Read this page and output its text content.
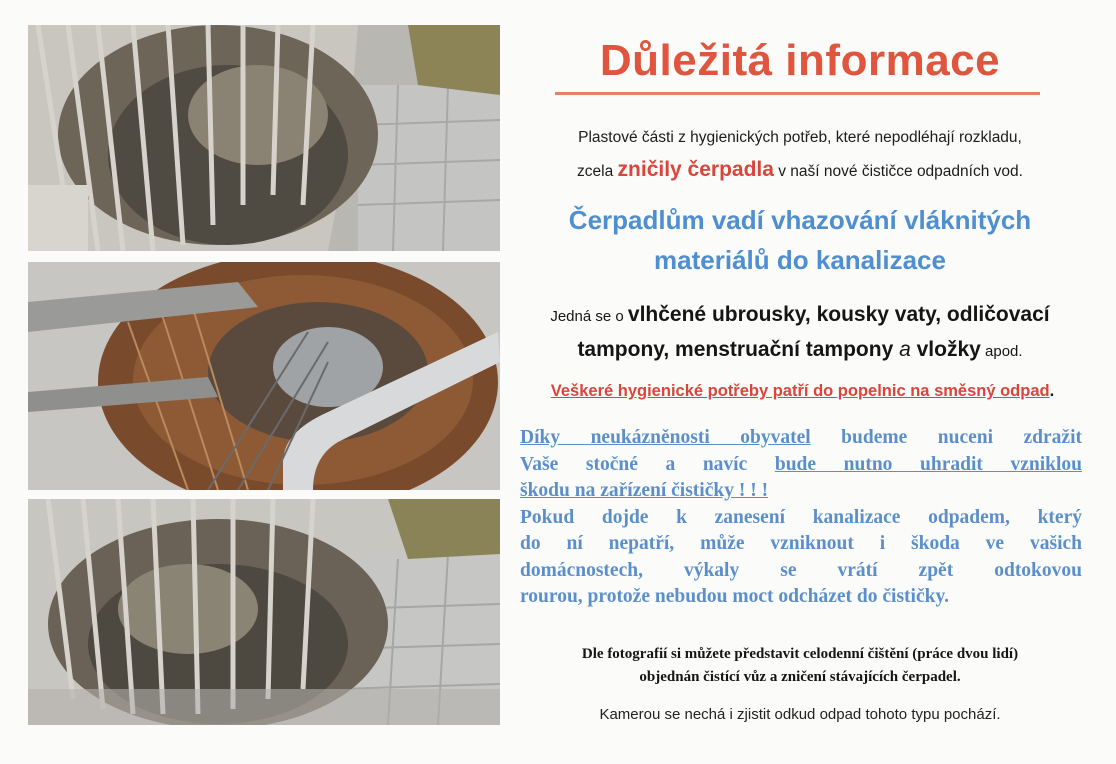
Důležitá informace
Plastové části z hygienických potřeb, které nepodléhají rozkladu,
zcela zničily čerpadla v naší nové čističce odpadních vod.
Čerpadlům vadí vhazování vláknitých
materiálů do kanalizace
Jedná se o vlhčené ubrousky, kousky vaty, odličovací
tampony, menstruační tampony a vložky apod.
Veškeré hygienické potřeby patří do popelnic na směsný odpad.
Díky neukázněnosti obyvatel budeme nuceni zdražit
Vaše stočné a navíc bude nutno uhradit vzniklou
škodu na zařízení čističky ! ! !
Pokud dojde k zanesení kanalizace odpadem, který
do ní nepatří, může vzniknout i škoda ve vašich
domácnostech, výkaly se vrátí zpět odtokovou
rourou, protože nebudou moct odcházet do čističky.
Dle fotografií si můžete představit celodenní čištění (práce dvou lidí)
objednán čistící vůz a zničení stávajících čerpadel.
Kamerou se nechá i zjistit odkud odpad tohoto typu pochází.
